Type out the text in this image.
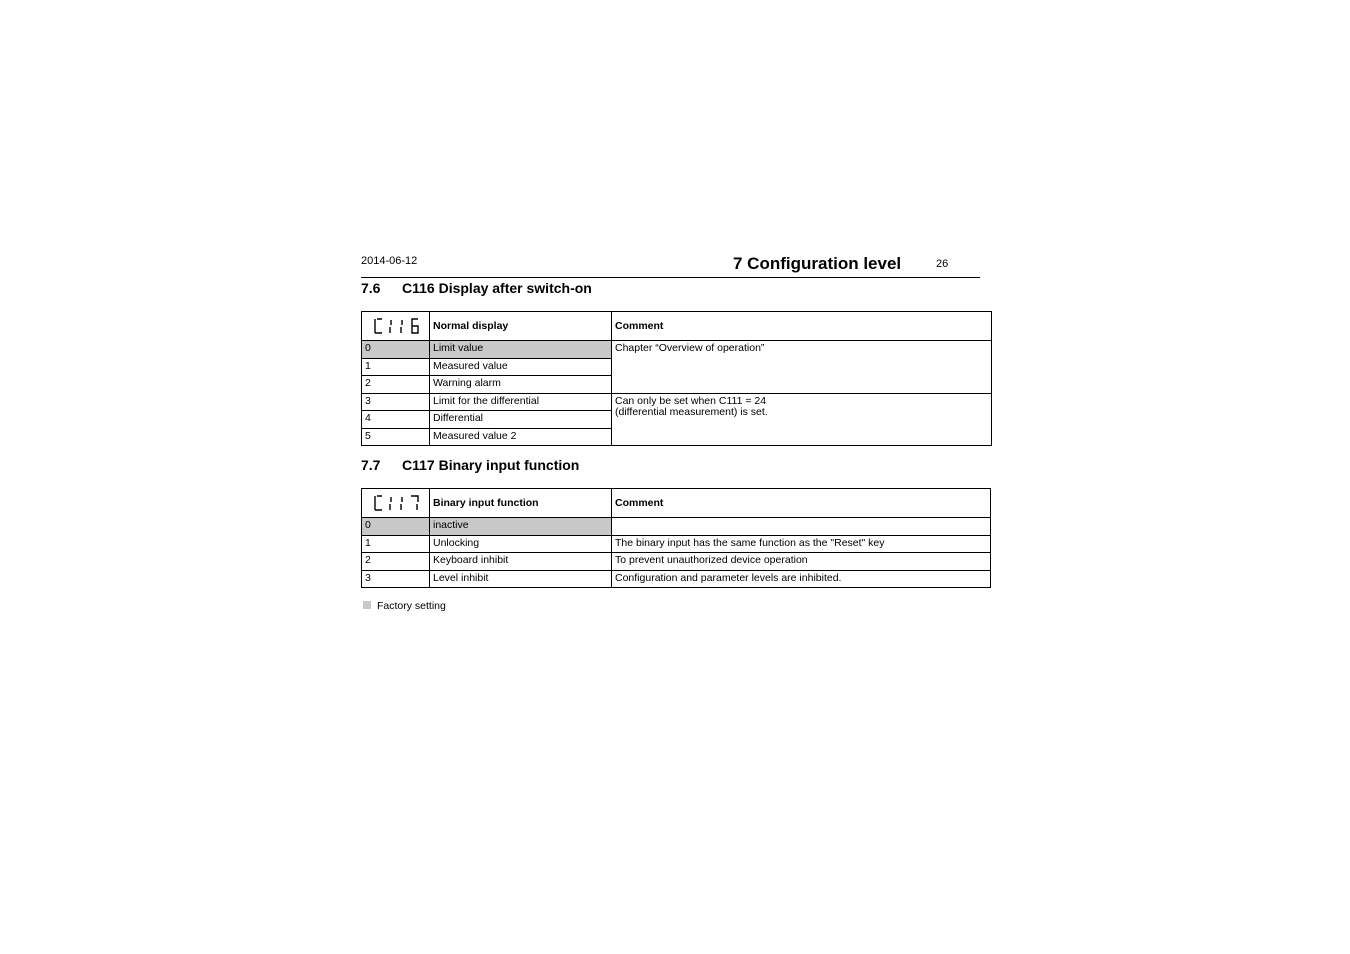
2014-06-12	7 Configuration level	26
7.6 C116 Display after switch-on
	Normal display	Comment
0	Limit value	Chapter “Overview of operation”
1	Measured value	
2	Warning alarm	
3	Limit for the differential	Can only be set when C111 = 24
(differential measurement) is set.

4	Differential	
5	Measured value 2	
7.7 C117 Binary input function
	Binary input function	Comment
0	inactive	
1	Unlocking	The binary input has the same function as the "Reset" key
2	Keyboard inhibit	To prevent unauthorized device operation
3	Level inhibit	Configuration and parameter levels are inhibited.
Factory setting
